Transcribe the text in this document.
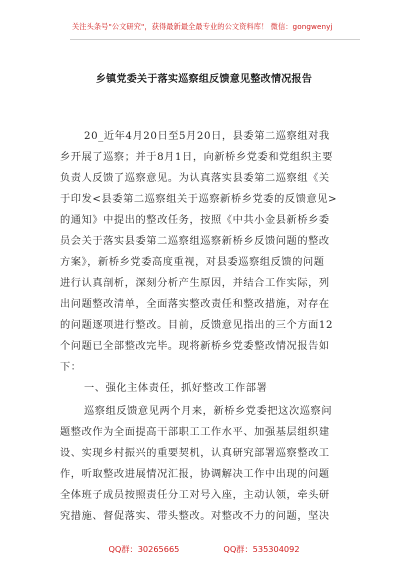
关注头条号"公文研究"，获得最新最全最专业的公文资料库！ 微信：gongwenyj
乡镇党委关于落实巡察组反馈意见整改情况报告
20_近年4月20日至5月20日，县委第二巡察组对我
乡开展了巡察；并于8月1日，向新桥乡党委和党组织主要
负责人反馈了巡察意见。为认真落实县委第二巡察组《关
于印发<县委第二巡察组关于巡察新桥乡党委的反馈意见>
的通知》中提出的整改任务，按照《中共小金县新桥乡委
员会关于落实县委第二巡察组巡察新桥乡反馈问题的整改
方案》，新桥乡党委高度重视，对县委巡察组反馈的问题
进行认真剖析，深刻分析产生原因，并结合工作实际，列
出问题整改清单，全面落实整改责任和整改措施，对存在
的问题逐项进行整改。目前，反馈意见指出的三个方面12
个问题已全部整改完毕。现将新桥乡党委整改情况报告如
下：
一、强化主体责任，抓好整改工作部署
巡察组反馈意见两个月来，新桥乡党委把这次巡察问
题整改作为全面提高干部职工工作水平、加强基层组织建
设、实现乡村振兴的重要契机，认真研究部署巡察整改工
作，听取整改进展情况汇报，协调解决工作中出现的问题
全体班子成员按照责任分工对号入座，主动认领，牵头研
究措施、督促落实、带头整改。对整改不力的问题，坚决
QQ群：30265665	QQ群：535304092
